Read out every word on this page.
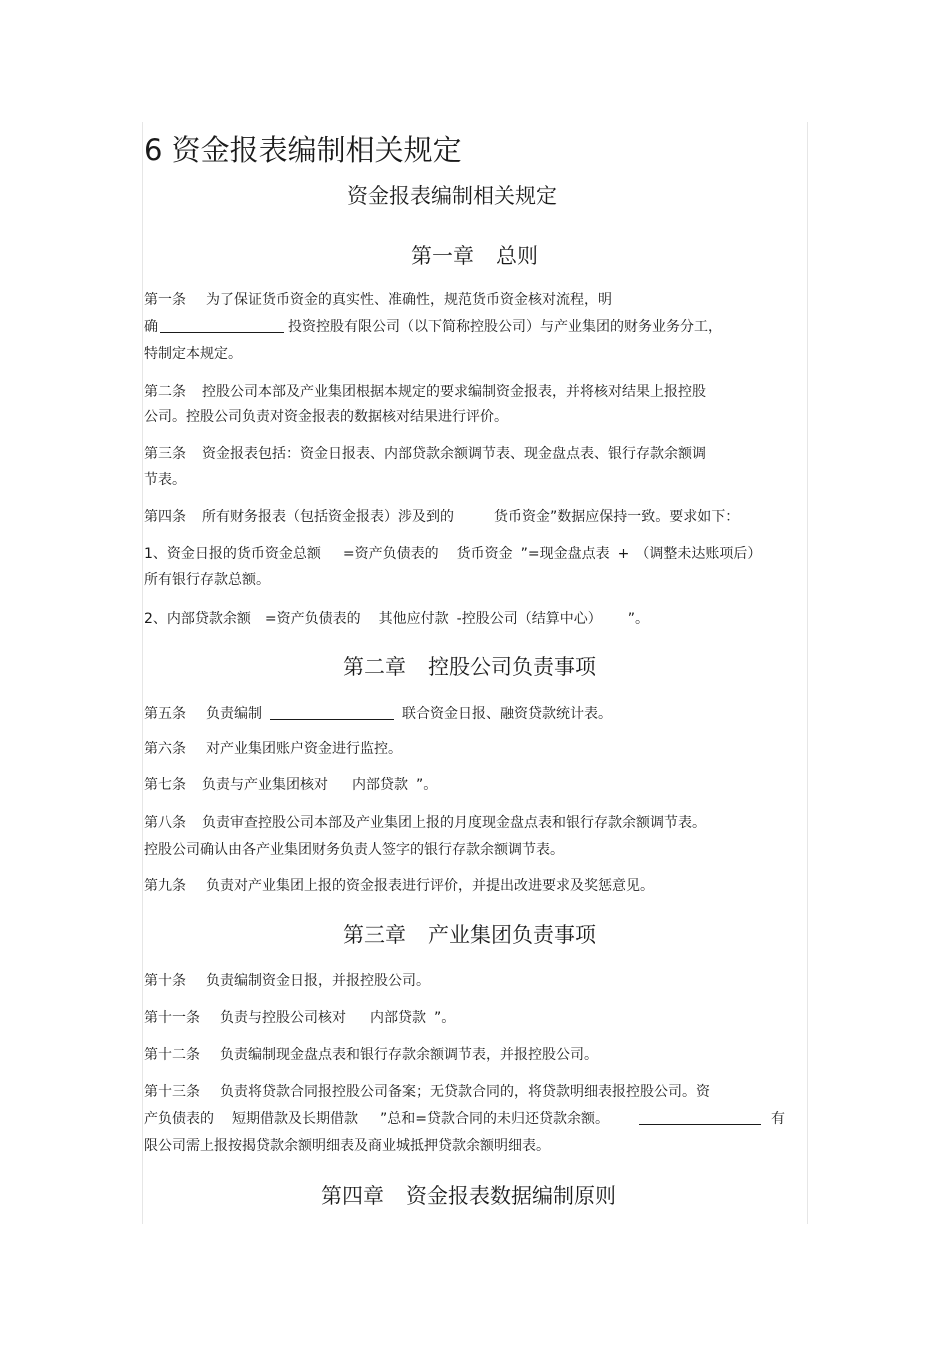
6 资金报表编制相关规定
资金报表编制相关规定
第一章 总则
第一条 为了保证货币资金的真实性、准确性，规范货币资金核对流程，明
确	投资控股有限公司（以下简称控股公司）与产业集团的财务业务分工，
特制定本规定。
第二条 控股公司本部及产业集团根据本规定的要求编制资金报表，并将核对结果上报控股
公司。控股公司负责对资金报表的数据核对结果进行评价。
第三条 资金报表包括：资金日报表、内部贷款余额调节表、现金盘点表、银行存款余额调
节表。
第四条 所有财务报表（包括资金报表）涉及到的	货币资金”数据应保持一致。要求如下：
1、资金日报的货币资金总额 =资产负债表的 货币资金 ”=现金盘点表 + （调整未达账项后）
所有银行存款总额。
2、内部贷款余额 =资产负债表的 其他应付款 -控股公司（结算中心） ”。
第二章 控股公司负责事项
第五条 负责编制	联合资金日报、融资贷款统计表。
第六条 对产业集团账户资金进行监控。
第七条 负责与产业集团核对 内部贷款 ”。
第八条 负责审查控股公司本部及产业集团上报的月度现金盘点表和银行存款余额调节表。
控股公司确认由各产业集团财务负责人签字的银行存款余额调节表。
第九条 负责对产业集团上报的资金报表进行评价，并提出改进要求及奖惩意见。
第三章 产业集团负责事项
第十条 负责编制资金日报，并报控股公司。
第十一条 负责与控股公司核对 内部贷款 ”。
第十二条 负责编制现金盘点表和银行存款余额调节表，并报控股公司。
第十三条 负责将贷款合同报控股公司备案；无贷款合同的，将贷款明细表报控股公司。资
产负债表的 短期借款及长期借款 ”总和=贷款合同的未归还贷款余额。	有
限公司需上报按揭贷款余额明细表及商业城抵押贷款余额明细表。
第四章 资金报表数据编制原则
